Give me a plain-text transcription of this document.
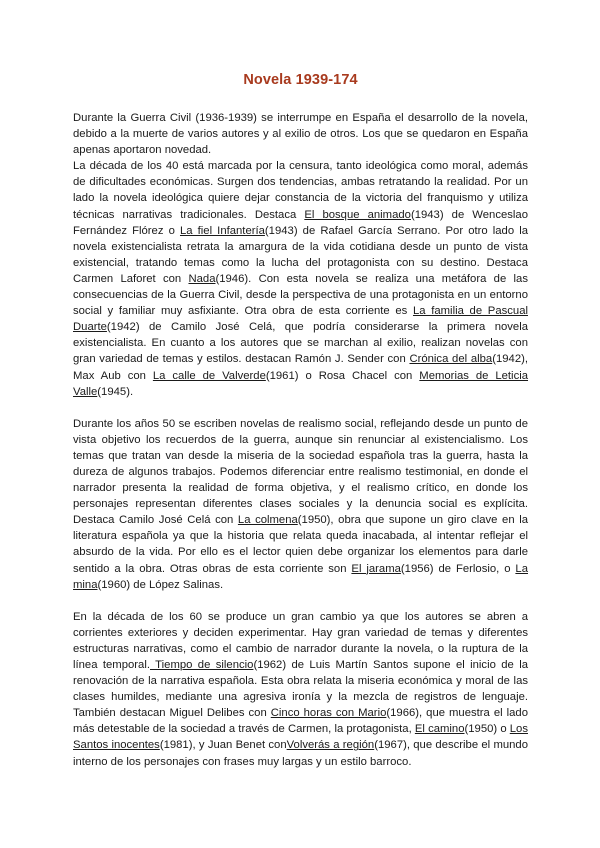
Novela 1939-174

Durante la Guerra Civil (1936-1939) se interrumpe en España el desarrollo de la novela, debido a la muerte de varios autores y al exilio de otros. Los que se quedaron en España apenas aportaron novedad.

La década de los 40 está marcada por la censura, tanto ideológica como moral, además de dificultades económicas. Surgen dos tendencias, ambas retratando la realidad. Por un lado la novela ideológica quiere dejar constancia de la victoria del franquismo y utiliza técnicas narrativas tradicionales. Destaca El bosque animado(1943) de Wenceslao Fernández Flórez o La fiel Infantería(1943) de Rafael García Serrano. Por otro lado la novela existencialista retrata la amargura de la vida cotidiana desde un punto de vista existencial, tratando temas como la lucha del protagonista con su destino. Destaca Carmen Laforet con Nada(1946). Con esta novela se realiza una metáfora de las consecuencias de la Guerra Civil, desde la perspectiva de una protagonista en un entorno social y familiar muy asfixiante. Otra obra de esta corriente es La familia de Pascual Duarte(1942) de Camilo José Celá, que podría considerarse la primera novela existencialista. En cuanto a los autores que se marchan al exilio, realizan novelas con gran variedad de temas y estilos. destacan Ramón J. Sender con Crónica del alba(1942), Max Aub con La calle de Valverde(1961) o Rosa Chacel con Memorias de Leticia Valle(1945).

Durante los años 50 se escriben novelas de realismo social, reflejando desde un punto de vista objetivo los recuerdos de la guerra, aunque sin renunciar al existencialismo. Los temas que tratan van desde la miseria de la sociedad española tras la guerra, hasta la dureza de algunos trabajos. Podemos diferenciar entre realismo testimonial, en donde el narrador presenta la realidad de forma objetiva, y el realismo crítico, en donde los personajes representan diferentes clases sociales y la denuncia social es explícita. Destaca Camilo José Celá con La colmena(1950), obra que supone un giro clave en la literatura española ya que la historia que relata queda inacabada, al intentar reflejar el absurdo de la vida. Por ello es el lector quien debe organizar los elementos para darle sentido a la obra. Otras obras de esta corriente son El jarama(1956) de Ferlosio, o La mina(1960) de López Salinas.

En la década de los 60 se produce un gran cambio ya que los autores se abren a corrientes exteriores y deciden experimentar. Hay gran variedad de temas y diferentes estructuras narrativas, como el cambio de narrador durante la novela, o la ruptura de la línea temporal. Tiempo de silencio(1962) de Luis Martín Santos supone el inicio de la renovación de la narrativa española. Esta obra relata la miseria económica y moral de las clases humildes, mediante una agresiva ironía y la mezcla de registros de lenguaje. También destacan Miguel Delibes con Cinco horas con Mario(1966), que muestra el lado más detestable de la sociedad a través de Carmen, la protagonista, El camino(1950) o Los Santos inocentes(1981), y Juan Benet conVolverás a región(1967), que describe el mundo interno de los personajes con frases muy largas y un estilo barroco.
